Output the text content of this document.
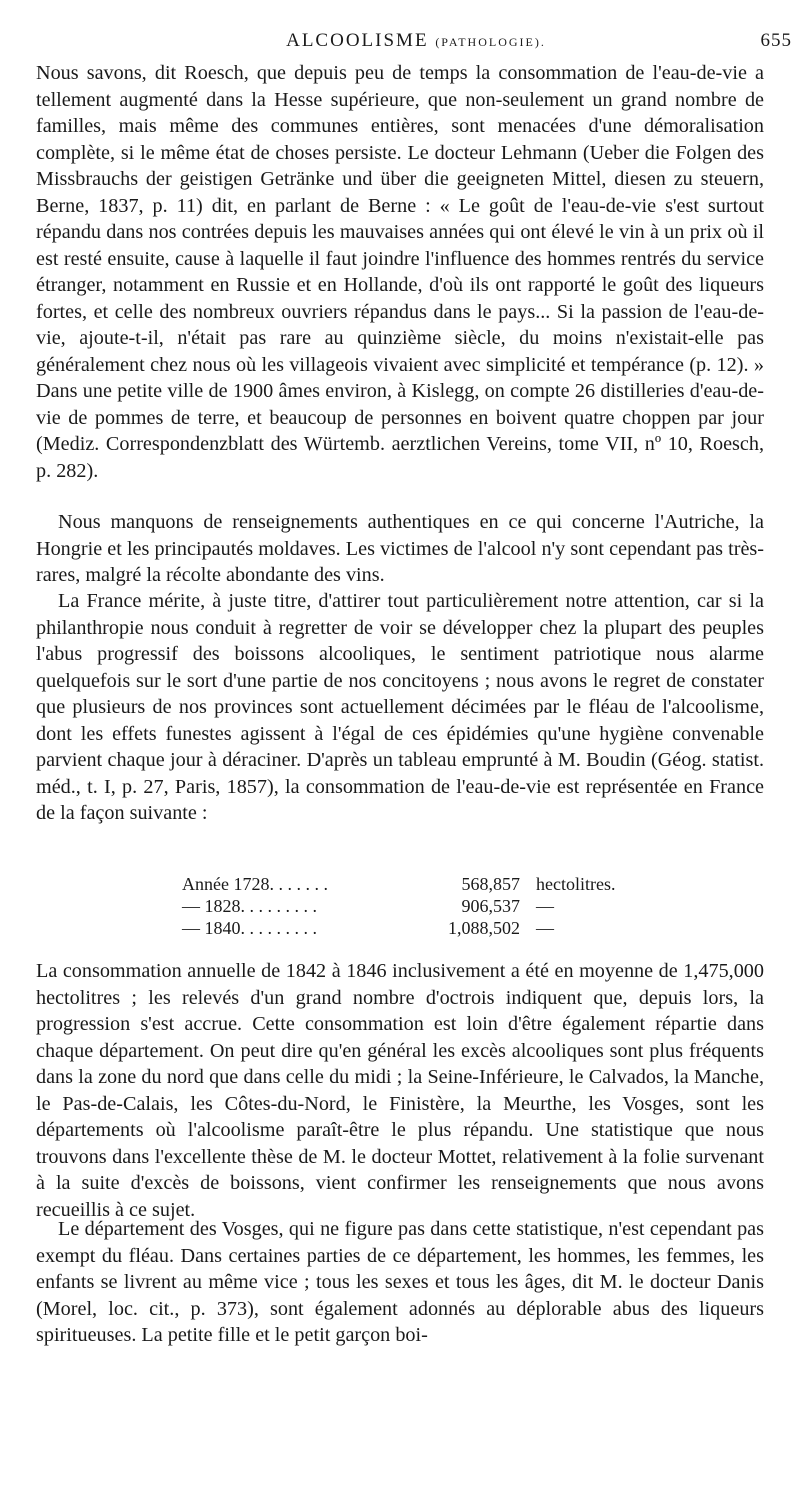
ALCOOLISME (PATHOLOGIE).	655

Nous savons, dit Roesch, que depuis peu de temps la consommation de l'eau-de-vie a tellement augmenté dans la Hesse supérieure, que non-seulement un grand nombre de familles, mais même des communes entières, sont menacées d'une démoralisation complète, si le même état de choses persiste. Le docteur Lehmann (Ueber die Folgen des Missbrauchs der geistigen Getränke und über die geeigneten Mittel, diesen zu steuern, Berne, 1837, p. 11) dit, en parlant de Berne : « Le goût de l'eau-de-vie s'est surtout répandu dans nos contrées depuis les mauvaises années qui ont élevé le vin à un prix où il est resté ensuite, cause à laquelle il faut joindre l'influence des hommes rentrés du service étranger, notamment en Russie et en Hollande, d'où ils ont rapporté le goût des liqueurs fortes, et celle des nombreux ouvriers répandus dans le pays... Si la passion de l'eau-de-vie, ajoute-t-il, n'était pas rare au quinzième siècle, du moins n'existait-elle pas généralement chez nous où les villageois vivaient avec simplicité et tempérance (p. 12). » Dans une petite ville de 1900 âmes environ, à Kislegg, on compte 26 distilleries d'eau-de-vie de pommes de terre, et beaucoup de personnes en boivent quatre choppen par jour (Mediz. Correspondenzblatt des Würtemb. aerztlichen Vereins, tome VII, nº 10, Roesch, p. 282).

Nous manquons de renseignements authentiques en ce qui concerne l'Autriche, la Hongrie et les principautés moldaves. Les victimes de l'alcool n'y sont cependant pas très-rares, malgré la récolte abondante des vins.

La France mérite, à juste titre, d'attirer tout particulièrement notre attention, car si la philanthropie nous conduit à regretter de voir se développer chez la plupart des peuples l'abus progressif des boissons alcooliques, le sentiment patriotique nous alarme quelquefois sur le sort d'une partie de nos concitoyens ; nous avons le regret de constater que plusieurs de nos provinces sont actuellement décimées par le fléau de l'alcoolisme, dont les effets funestes agissent à l'égal de ces épidémies qu'une hygiène convenable parvient chaque jour à déraciner. D'après un tableau emprunté à M. Boudin (Géog. statist. méd., t. I, p. 27, Paris, 1857), la consommation de l'eau-de-vie est représentée en France de la façon suivante :

Année 1728. . . . . . .	568,857	hectolitres.
— 1828. . . . . . . . .	906,537	—
— 1840. . . . . . . . .	1,088,502	—

La consommation annuelle de 1842 à 1846 inclusivement a été en moyenne de 1,475,000 hectolitres ; les relevés d'un grand nombre d'octrois indiquent que, depuis lors, la progression s'est accrue. Cette consommation est loin d'être également répartie dans chaque département. On peut dire qu'en général les excès alcooliques sont plus fréquents dans la zone du nord que dans celle du midi ; la Seine-Inférieure, le Calvados, la Manche, le Pas-de-Calais, les Côtes-du-Nord, le Finistère, la Meurthe, les Vosges, sont les départements où l'alcoolisme paraît-être le plus répandu. Une statistique que nous trouvons dans l'excellente thèse de M. le docteur Mottet, relativement à la folie survenant à la suite d'excès de boissons, vient confirmer les renseignements que nous avons recueillis à ce sujet.

Le département des Vosges, qui ne figure pas dans cette statistique, n'est cependant pas exempt du fléau. Dans certaines parties de ce département, les hommes, les femmes, les enfants se livrent au même vice ; tous les sexes et tous les âges, dit M. le docteur Danis (Morel, loc. cit., p. 373), sont également adonnés au déplorable abus des liqueurs spiritueuses. La petite fille et le petit garçon boi-
